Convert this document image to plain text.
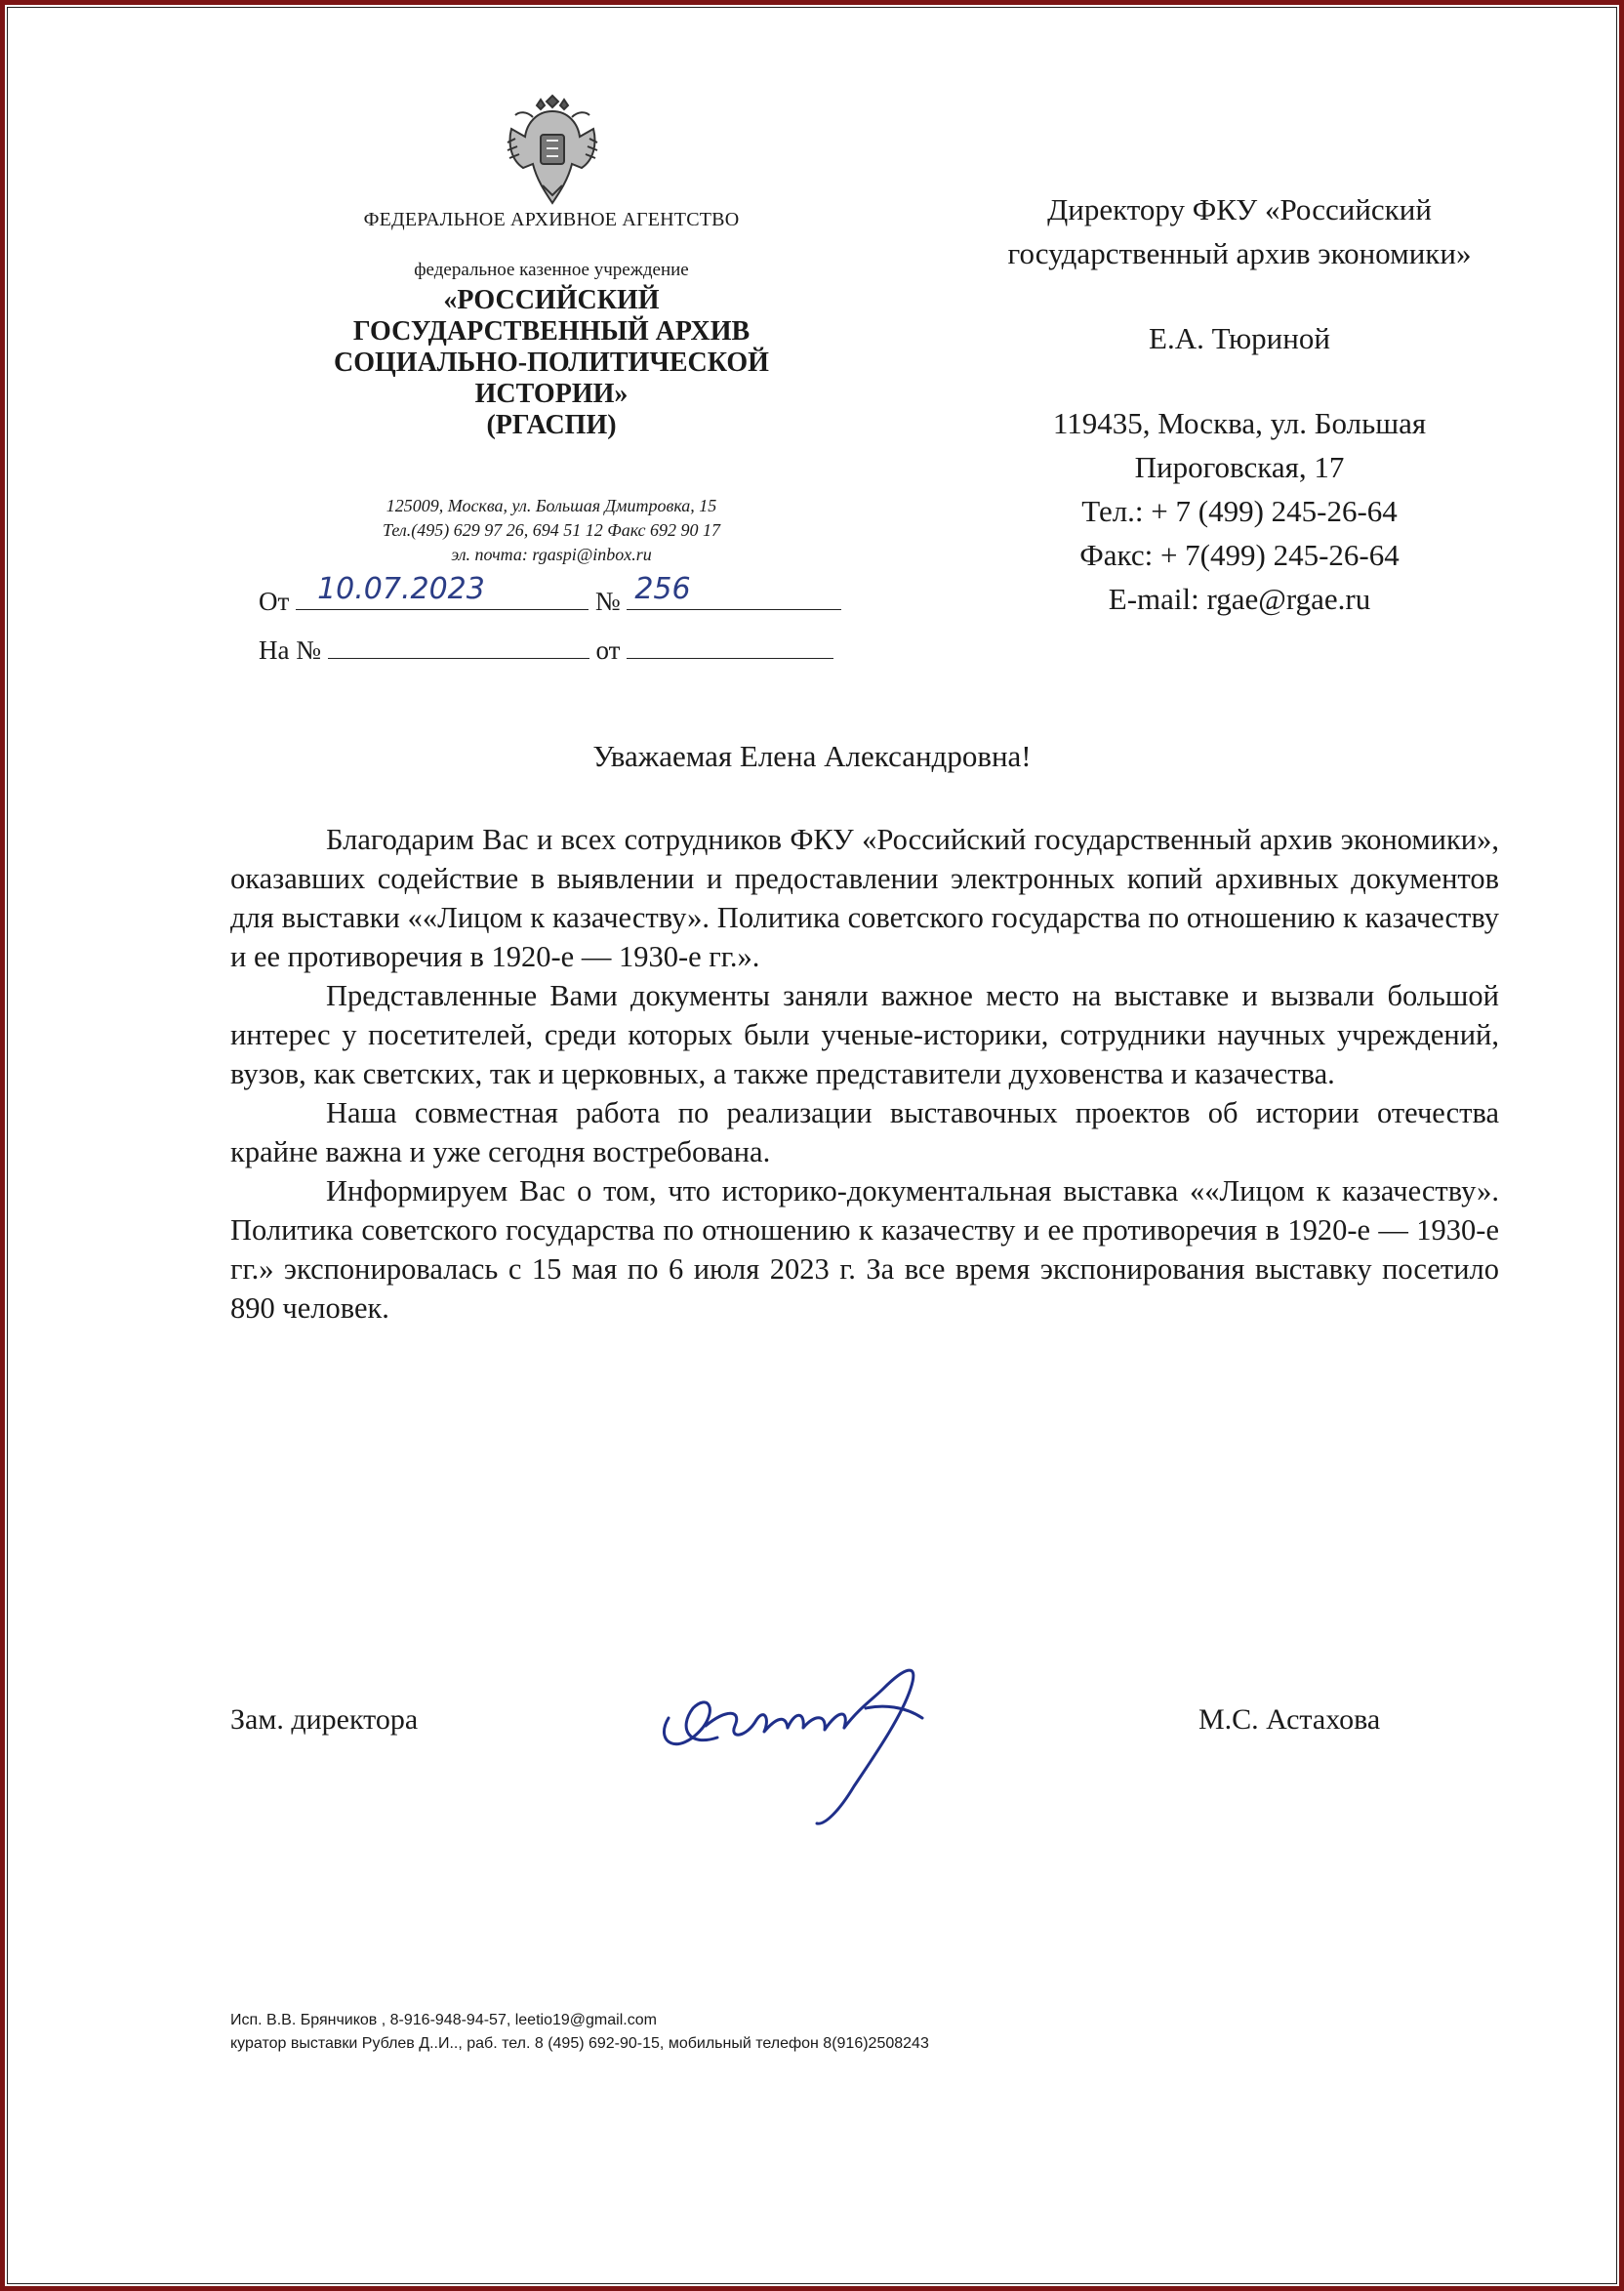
ФЕДЕРАЛЬНОЕ АРХИВНОЕ АГЕНТСТВО
федеральное казенное учреждение
«РОССИЙСКИЙ
ГОСУДАРСТВЕННЫЙ АРХИВ
СОЦИАЛЬНО-ПОЛИТИЧЕСКОЙ
ИСТОРИИ»
(РГАСПИ)
125009, Москва, ул. Большая Дмитровка, 15
Тел.(495) 629 97 26, 694 51 12 Факс 692 90 17
эл. почта: rgaspi@inbox.ru
От 10.07.2023	№ 256
На №	от
Директору ФКУ «Российский
государственный архив экономики»
Е.А. Тюриной
119435, Москва, ул. Большая
Пироговская, 17
Тел.: + 7 (499) 245-26-64
Факс: + 7(499) 245-26-64
E-mail: rgae@rgae.ru
Уважаемая Елена Александровна!

Благодарим Вас и всех сотрудников ФКУ «Российский государственный архив экономики», оказавших содействие в выявлении и предоставлении электронных копий архивных документов для выставки ««Лицом к казачеству». Политика советского государства по отношению к казачеству и ее противоречия в 1920-е — 1930-е гг.».

Представленные Вами документы заняли важное место на выставке и вызвали большой интерес у посетителей, среди которых были ученые-историки, сотрудники научных учреждений, вузов, как светских, так и церковных, а также представители духовенства и казачества.

Наша совместная работа по реализации выставочных проектов об истории отечества крайне важна и уже сегодня востребована.

Информируем Вас о том, что историко-документальная выставка ««Лицом к казачеству». Политика советского государства по отношению к казачеству и ее противоречия в 1920-е — 1930-е гг.» экспонировалась с 15 мая по 6 июля 2023 г. За все время экспонирования выставку посетило 890 человек.

Зам. директора	М.С. Астахова
Исп. В.В. Брянчиков , 8-916-948-94-57, leetio19@gmail.com
куратор выставки Рублев Д..И.., раб. тел. 8 (495) 692-90-15, мобильный телефон 8(916)2508243
